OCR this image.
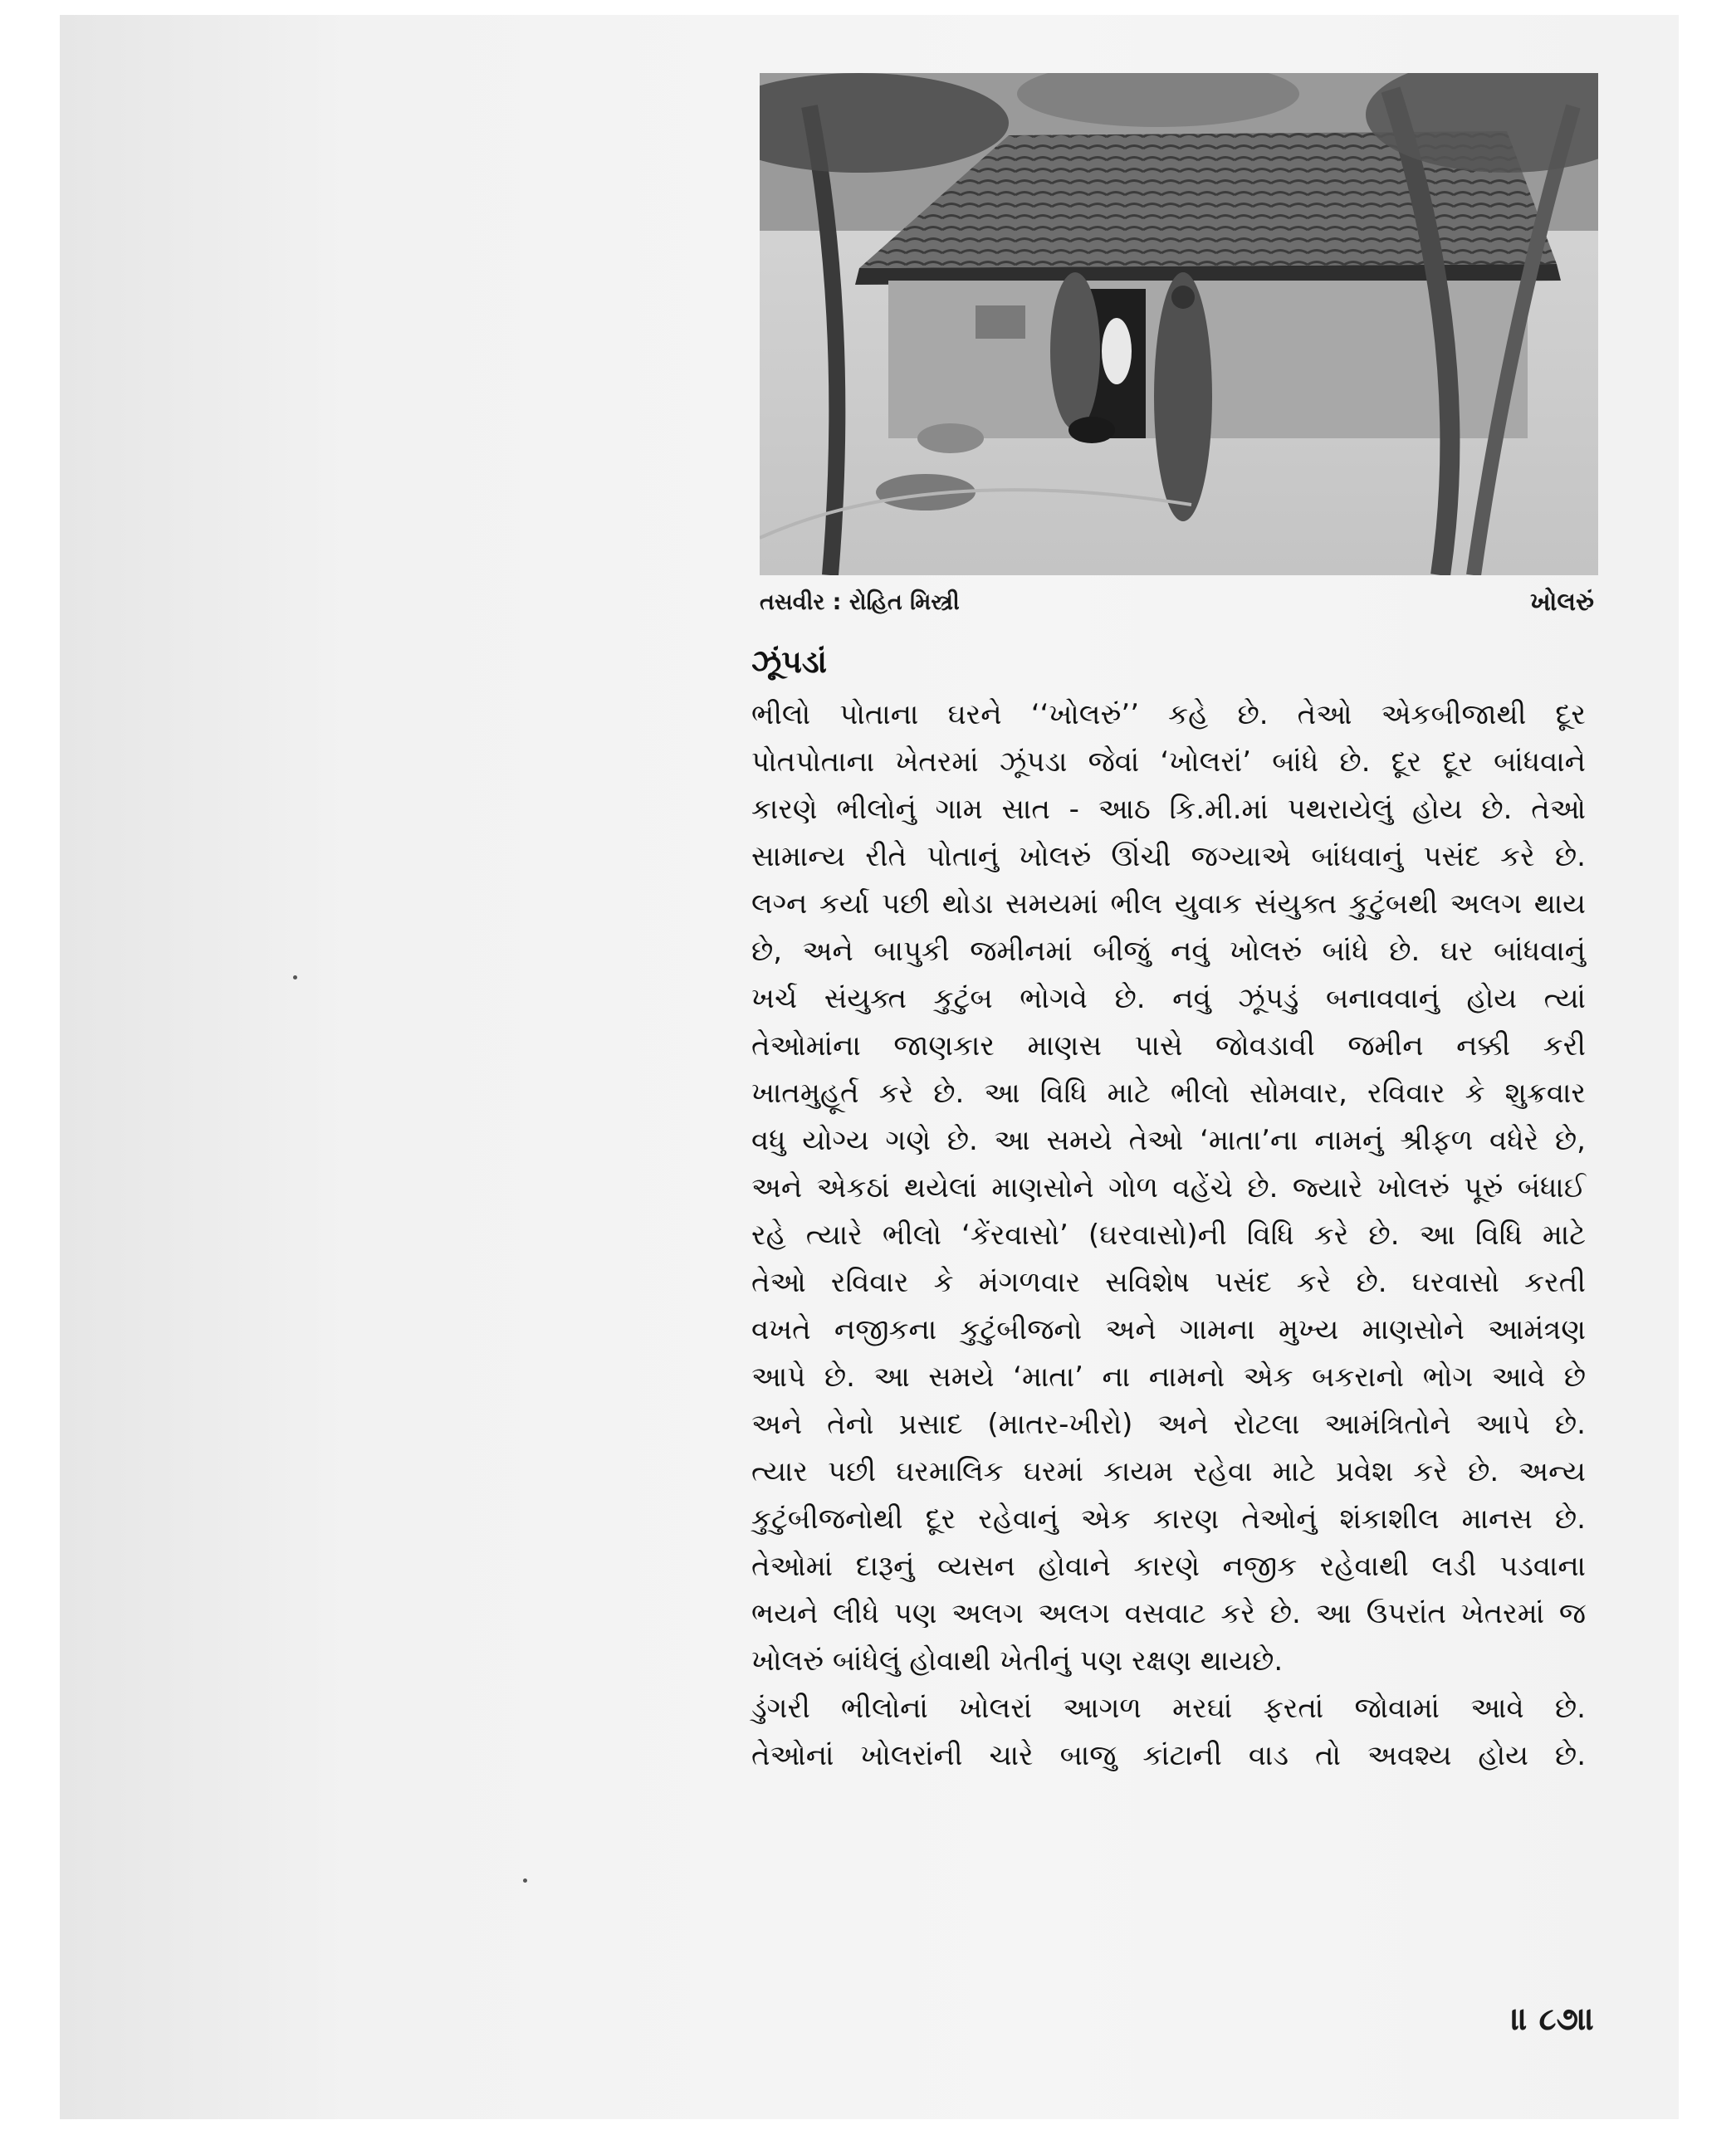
તસવીર : રોહિત મિસ્ત્રી	ખોલરું
ઝૂંપડાં
ભીલો પોતાના ઘરને ‘‘ખોલરું’’ કહે છે. તેઓ એકબીજાથી દૂર
પોતપોતાના ખેતરમાં ઝૂંપડા જેવાં ‘ખોલરાં’ બાંધે છે. દૂર દૂર બાંધવાને
કારણે ભીલોનું ગામ સાત - આઠ કિ.મી.માં પથરાયેલું હોય છે. તેઓ
સામાન્ય રીતે પોતાનું ખોલરું ઊંચી જગ્યાએ બાંધવાનું પસંદ કરે છે.
લગ્ન કર્યા પછી થોડા સમયમાં ભીલ યુવાક સંયુક્ત કુટુંબથી અલગ થાય
છે, અને બાપુકી જમીનમાં બીજું નવું ખોલરું બાંધે છે. ઘર બાંધવાનું
ખર્ચ સંયુક્ત કુટુંબ ભોગવે છે. નવું ઝૂંપડું બનાવવાનું હોય ત્યાં
તેઓમાંના જાણકાર માણસ પાસે જોવડાવી જમીન નક્કી કરી
ખાતમુહૂર્ત કરે છે. આ વિધિ માટે ભીલો સોમવાર, રવિવાર કે શુક્રવાર
વધુ યોગ્ય ગણે છે. આ સમયે તેઓ ‘માતા’ના નામનું શ્રીફળ વધેરે છે,
અને એકઠાં થયેલાં માણસોને ગોળ વહેંચે છે. જ્યારે ખોલરું પૂરું બંધાઈ
રહે ત્યારે ભીલો ‘કેંરવાસો’ (ઘરવાસો)ની વિધિ કરે છે. આ વિધિ માટે
તેઓ રવિવાર કે મંગળવાર સવિશેષ પસંદ કરે છે. ઘરવાસો કરતી
વખતે નજીકના કુટુંબીજનો અને ગામના મુખ્ય માણસોને આમંત્રણ
આપે છે. આ સમયે ‘માતા’ ના નામનો એક બકરાનો ભોગ આવે છે
અને તેનો પ્રસાદ (માતર-ખીરો) અને રોટલા આમંત્રિતોને આપે છે.
ત્યાર પછી ઘરમાલિક ઘરમાં કાયમ રહેવા માટે પ્રવેશ કરે છે. અન્ય
કુટુંબીજનોથી દૂર રહેવાનું એક કારણ તેઓનું શંકાશીલ માનસ છે.
તેઓમાં દારૂનું વ્યસન હોવાને કારણે નજીક રહેવાથી લડી પડવાના
ભયને લીધે પણ અલગ અલગ વસવાટ કરે છે. આ ઉપરાંત ખેતરમાં જ
ખોલરું બાંધેલું હોવાથી ખેતીનું પણ રક્ષણ થાયછે.
ડુંગરી ભીલોનાં ખોલરાં આગળ મરઘાં ફરતાં જોવામાં આવે છે.
તેઓનાં ખોલરાંની ચારે બાજુ કાંટાની વાડ તો અવશ્ય હોય છે.
॥ ૮૭॥
